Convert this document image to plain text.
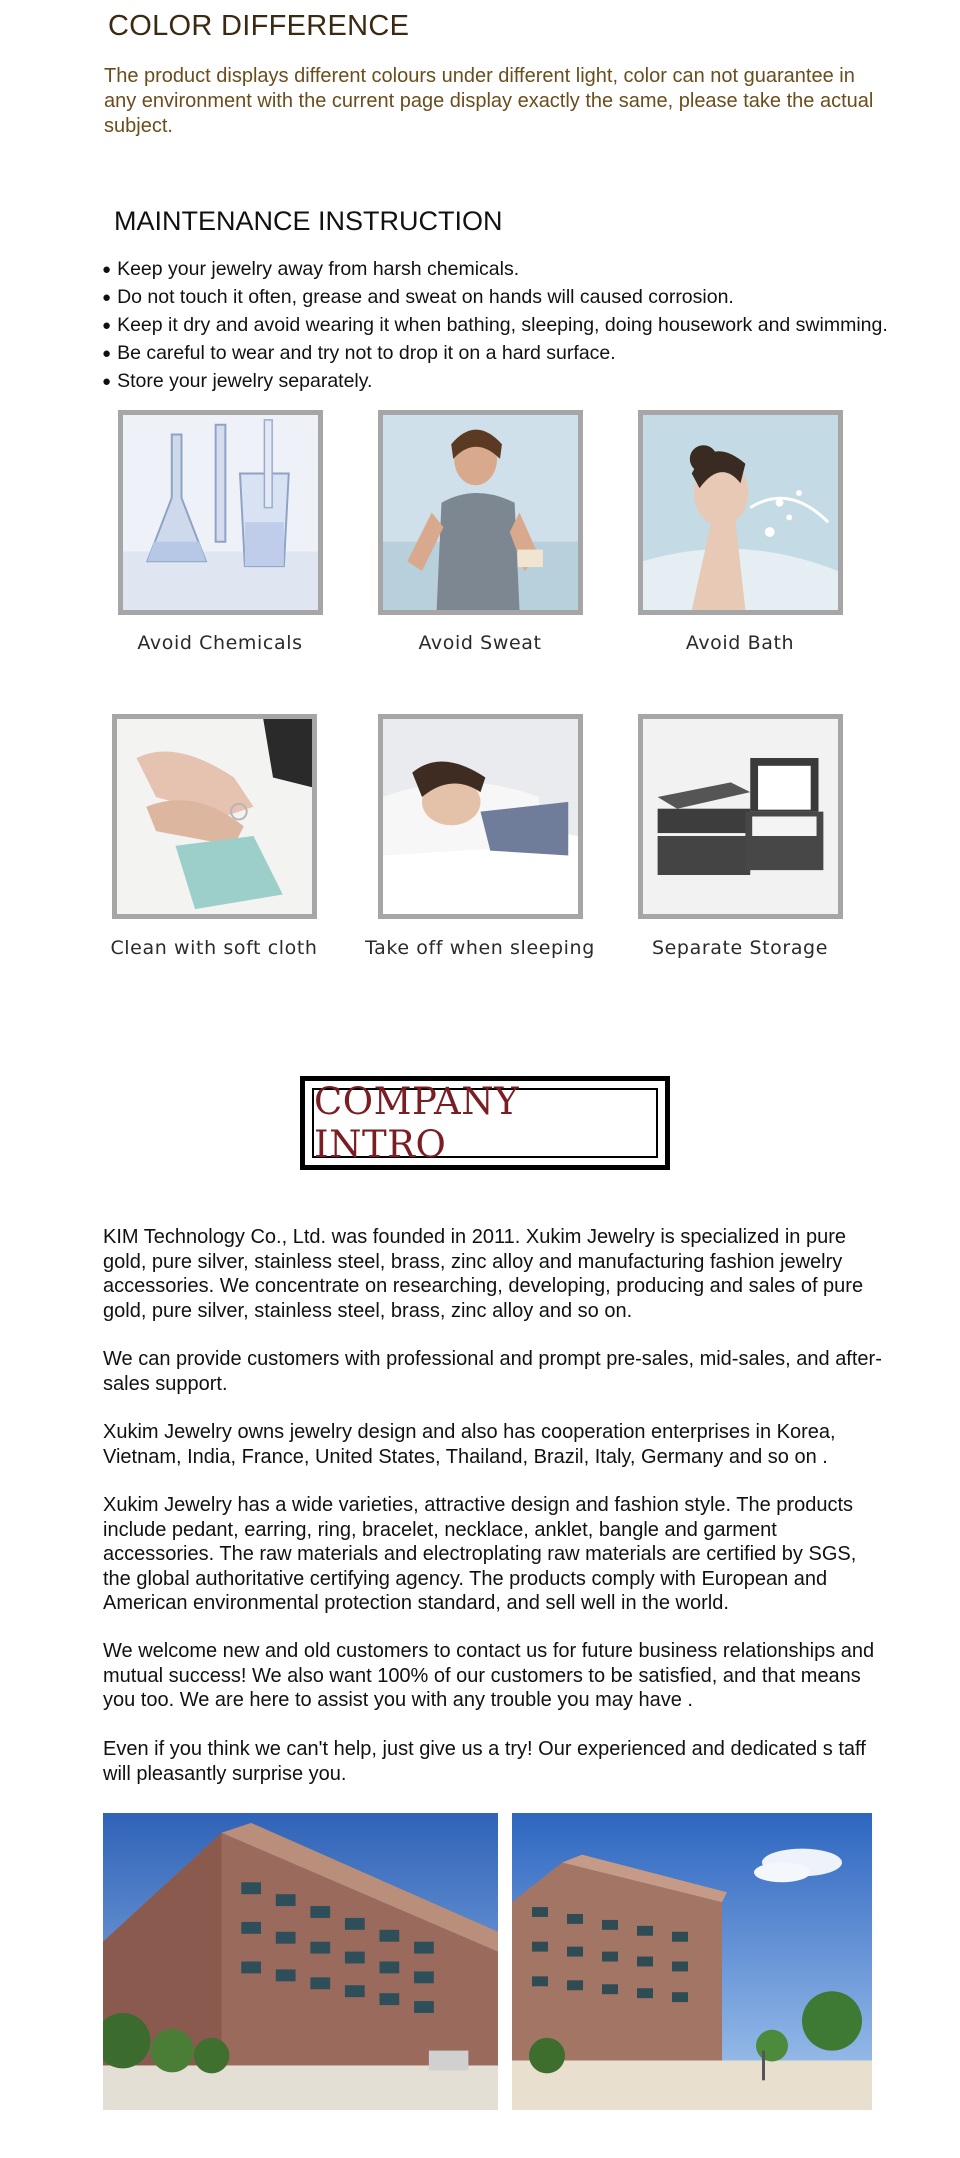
COLOR DIFFERENCE
The product displays different colours under different light, color can not guarantee in any environment with the current page display exactly the same, please take the actual subject.
MAINTENANCE INSTRUCTION
● Keep your jewelry away from harsh chemicals.
● Do not touch it often, grease and sweat on hands will caused corrosion.
● Keep it dry and avoid wearing it when bathing, sleeping, doing housework and swimming.
● Be careful to wear and try not to drop it on a hard surface.
● Store your jewelry separately.
Avoid Chemicals	Avoid Sweat	Avoid Bath
Clean with soft cloth	Take off when sleeping	Separate Storage
COMPANY INTRO
KIM Technology Co., Ltd. was founded in 2011. Xukim Jewelry is specialized in pure gold, pure silver, stainless steel, brass, zinc alloy and manufacturing fashion jewelry accessories. We concentrate on researching, developing, producing and sales of pure gold, pure silver, stainless steel, brass, zinc alloy and so on.
We can provide customers with professional and prompt pre-sales, mid-sales, and after-sales support.
Xukim Jewelry owns jewelry design and also has cooperation enterprises in Korea, Vietnam, India, France, United States, Thailand, Brazil, Italy, Germany and so on .
Xukim Jewelry has a wide varieties, attractive design and fashion style. The products include pedant, earring, ring, bracelet, necklace, anklet, bangle and garment accessories. The raw materials and electroplating raw materials are certified by SGS, the global authoritative certifying agency. The products comply with European and American environmental protection standard, and sell well in the world.
We welcome new and old customers to contact us for future business relationships and mutual success! We also want 100% of our customers to be satisfied, and that means you too. We are here to assist you with any trouble you may have .
Even if you think we can't help, just give us a try! Our experienced and dedicated s taff will pleasantly surprise you.
